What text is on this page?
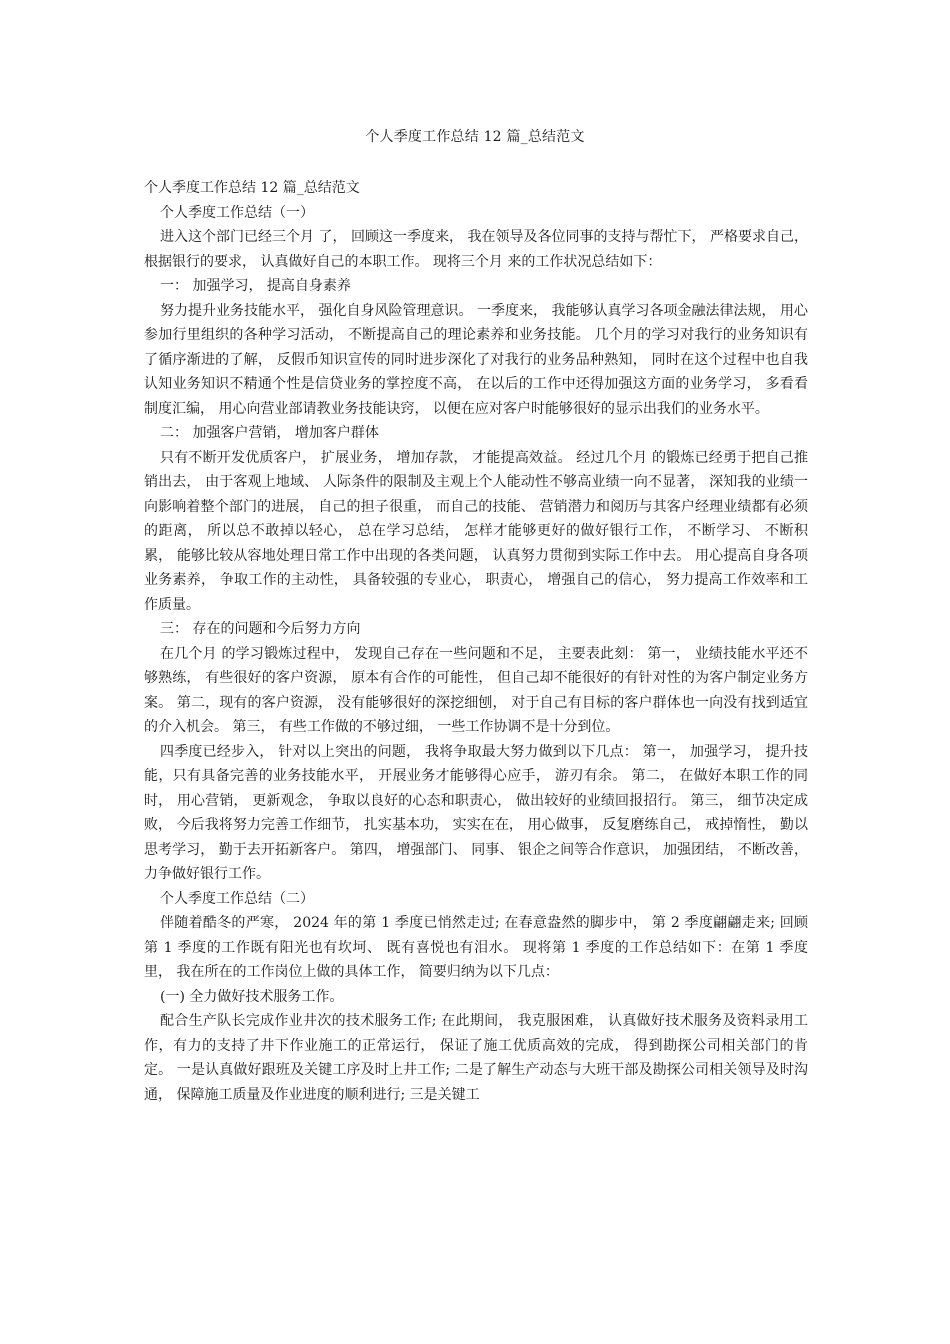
个人季度工作总结 12 篇_总结范文

个人季度工作总结 12 篇_总结范文

个人季度工作总结（一）

进入这个部门已经三个月 了， 回顾这一季度来， 我在领导及各位同事的支持与帮忙下， 严格要求自己， 根据银行的要求， 认真做好自己的本职工作。 现将三个月 来的工作状况总结如下：

一： 加强学习， 提高自身素养

努力提升业务技能水平， 强化自身风险管理意识。 一季度来， 我能够认真学习各项金融法律法规， 用心参加行里组织的各种学习活动， 不断提高自己的理论素养和业务技能。 几个月的学习对我行的业务知识有了循序渐进的了解， 反假币知识宣传的同时进步深化了对我行的业务品种熟知， 同时在这个过程中也自我认知业务知识不精通个性是信贷业务的掌控度不高， 在以后的工作中还得加强这方面的业务学习， 多看看制度汇编， 用心向营业部请教业务技能诀窍， 以便在应对客户时能够很好的显示出我们的业务水平。

二： 加强客户营销， 增加客户群体

只有不断开发优质客户， 扩展业务， 增加存款， 才能提高效益。 经过几个月 的锻炼已经勇于把自己推销出去， 由于客观上地域、 人际条件的限制及主观上个人能动性不够高业绩一向不显著， 深知我的业绩一向影响着整个部门的进展， 自己的担子很重， 而自己的技能、 营销潜力和阅历与其客户经理业绩都有必须的距离， 所以总不敢掉以轻心， 总在学习总结， 怎样才能够更好的做好银行工作， 不断学习、 不断积累， 能够比较从容地处理日常工作中出现的各类问题， 认真努力贯彻到实际工作中去。 用心提高自身各项业务素养， 争取工作的主动性， 具备较强的专业心， 职责心， 增强自己的信心， 努力提高工作效率和工作质量。

三： 存在的问题和今后努力方向

在几个月 的学习锻炼过程中， 发现自己存在一些问题和不足， 主要表此刻： 第一， 业绩技能水平还不够熟练， 有些很好的客户资源， 原本有合作的可能性， 但自己却不能很好的有针对性的为客户制定业务方案。 第二，现有的客户资源， 没有能够很好的深挖细刨， 对于自己有目标的客户群体也一向没有找到适宜的介入机会。 第三， 有些工作做的不够过细， 一些工作协调不是十分到位。

四季度已经步入， 针对以上突出的问题， 我将争取最大努力做到以下几点： 第一， 加强学习， 提升技能，只有具备完善的业务技能水平， 开展业务才能够得心应手， 游刃有余。 第二， 在做好本职工作的同时， 用心营销， 更新观念， 争取以良好的心态和职责心， 做出较好的业绩回报招行。 第三， 细节决定成败， 今后我将努力完善工作细节， 扎实基本功， 实实在在， 用心做事， 反复磨练自己， 戒掉惰性， 勤以思考学习， 勤于去开拓新客户。 第四， 增强部门、 同事、 银企之间等合作意识， 加强团结， 不断改善， 力争做好银行工作。

个人季度工作总结（二）

伴随着酷冬的严寒， 2024 年的第 1 季度已悄然走过; 在春意盎然的脚步中， 第 2 季度翩翩走来; 回顾第 1 季度的工作既有阳光也有坎坷、 既有喜悦也有泪水。 现将第 1 季度的工作总结如下：在第 1 季度里， 我在所在的工作岗位上做的具体工作， 简要归纳为以下几点：

(一) 全力做好技术服务工作。

配合生产队长完成作业井次的技术服务工作; 在此期间， 我克服困难， 认真做好技术服务及资料录用工作，有力的支持了井下作业施工的正常运行， 保证了施工优质高效的完成， 得到勘探公司相关部门的肯定。 一是认真做好跟班及关键工序及时上井工作; 二是了解生产动态与大班干部及勘探公司相关领导及时沟通， 保障施工质量及作业进度的顺利进行; 三是关键工
